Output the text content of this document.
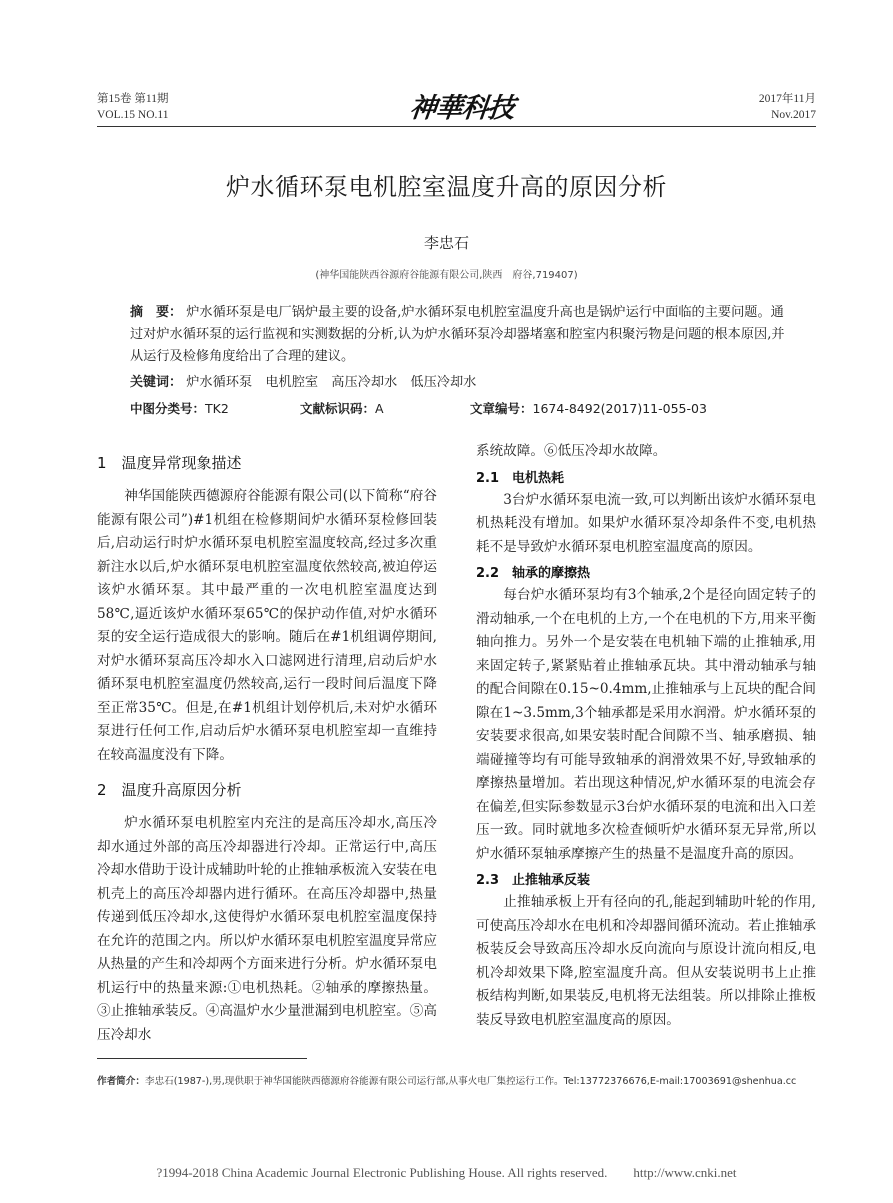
第15卷 第11期
VOL.15 NO.11	神華科技	2017年11月
Nov.2017
炉水循环泵电机腔室温度升高的原因分析
李忠石
(神华国能陕西谷源府谷能源有限公司,陕西　府谷,719407)
摘　要： 炉水循环泵是电厂锅炉最主要的设备,炉水循环泵电机腔室温度升高也是锅炉运行中面临的主要问题。通过对炉水循环泵的运行监视和实测数据的分析,认为炉水循环泵冷却器堵塞和腔室内积聚污物是问题的根本原因,并从运行及检修角度给出了合理的建议。
关键词： 炉水循环泵　电机腔室　高压冷却水　低压冷却水
中图分类号：TK2	文献标识码：A	文章编号：1674-8492(2017)11-055-03
1　温度异常现象描述

神华国能陕西德源府谷能源有限公司(以下简称“府谷能源有限公司”)#1机组在检修期间炉水循环泵检修回装后,启动运行时炉水循环泵电机腔室温度较高,经过多次重新注水以后,炉水循环泵电机腔室温度依然较高,被迫停运该炉水循环泵。其中最严重的一次电机腔室温度达到58℃,逼近该炉水循环泵65℃的保护动作值,对炉水循环泵的安全运行造成很大的影响。随后在#1机组调停期间,对炉水循环泵高压冷却水入口滤网进行清理,启动后炉水循环泵电机腔室温度仍然较高,运行一段时间后温度下降至正常35℃。但是,在#1机组计划停机后,未对炉水循环泵进行任何工作,启动后炉水循环泵电机腔室却一直维持在较高温度没有下降。

2　温度升高原因分析

炉水循环泵电机腔室内充注的是高压冷却水,高压冷却水通过外部的高压冷却器进行冷却。正常运行中,高压冷却水借助于设计成辅助叶轮的止推轴承板流入安装在电机壳上的高压冷却器内进行循环。在高压冷却器中,热量传递到低压冷却水,这使得炉水循环泵电机腔室温度保持在允许的范围之内。所以炉水循环泵电机腔室温度异常应从热量的产生和冷却两个方面来进行分析。炉水循环泵电机运行中的热量来源:①电机热耗。②轴承的摩擦热量。③止推轴承装反。④高温炉水少量泄漏到电机腔室。⑤高压冷却水

系统故障。⑥低压冷却水故障。

2.1　电机热耗

3台炉水循环泵电流一致,可以判断出该炉水循环泵电机热耗没有增加。如果炉水循环泵冷却条件不变,电机热耗不是导致炉水循环泵电机腔室温度高的原因。

2.2　轴承的摩擦热

每台炉水循环泵均有3个轴承,2个是径向固定转子的滑动轴承,一个在电机的上方,一个在电机的下方,用来平衡轴向推力。另外一个是安装在电机轴下端的止推轴承,用来固定转子,紧紧贴着止推轴承瓦块。其中滑动轴承与轴的配合间隙在0.15~0.4mm,止推轴承与上瓦块的配合间隙在1~3.5mm,3个轴承都是采用水润滑。炉水循环泵的安装要求很高,如果安装时配合间隙不当、轴承磨损、轴端碰撞等均有可能导致轴承的润滑效果不好,导致轴承的摩擦热量增加。若出现这种情况,炉水循环泵的电流会存在偏差,但实际参数显示3台炉水循环泵的电流和出入口差压一致。同时就地多次检查倾听炉水循环泵无异常,所以炉水循环泵轴承摩擦产生的热量不是温度升高的原因。

2.3　止推轴承反装

止推轴承板上开有径向的孔,能起到辅助叶轮的作用,可使高压冷却水在电机和冷却器间循环流动。若止推轴承板装反会导致高压冷却水反向流向与原设计流向相反,电机冷却效果下降,腔室温度升高。但从安装说明书上止推板结构判断,如果装反,电机将无法组装。所以排除止推板装反导致电机腔室温度高的原因。

作者简介：李忠石(1987-),男,现供职于神华国能陕西德源府谷能源有限公司运行部,从事火电厂集控运行工作。Tel:13772376676,E-mail:17003691@shenhua.cc
?1994-2018 China Academic Journal Electronic Publishing House. All rights reserved.　　http://www.cnki.net
